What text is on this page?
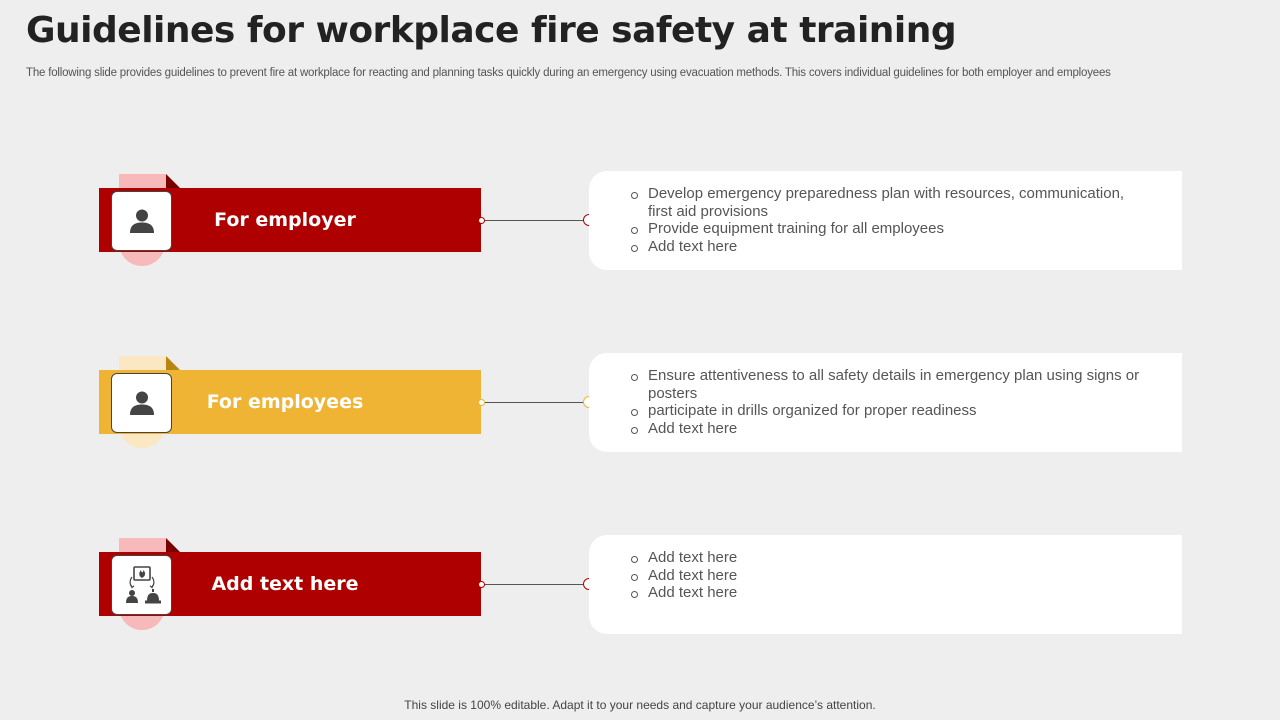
Guidelines for workplace fire safety at training
The following slide provides guidelines to prevent fire at workplace for reacting and planning tasks quickly during an emergency using evacuation methods. This covers individual guidelines for both employer and employees
For employer
Develop emergency preparedness plan with resources, communication, first aid provisions
Provide equipment training for all employees
Add text here
For employees
Ensure attentiveness to all safety details in emergency plan using signs or posters
participate in drills organized for proper readiness
Add text here
Add text here
Add text here
Add text here
Add text here
This slide is 100% editable. Adapt it to your needs and capture your audience’s attention.
